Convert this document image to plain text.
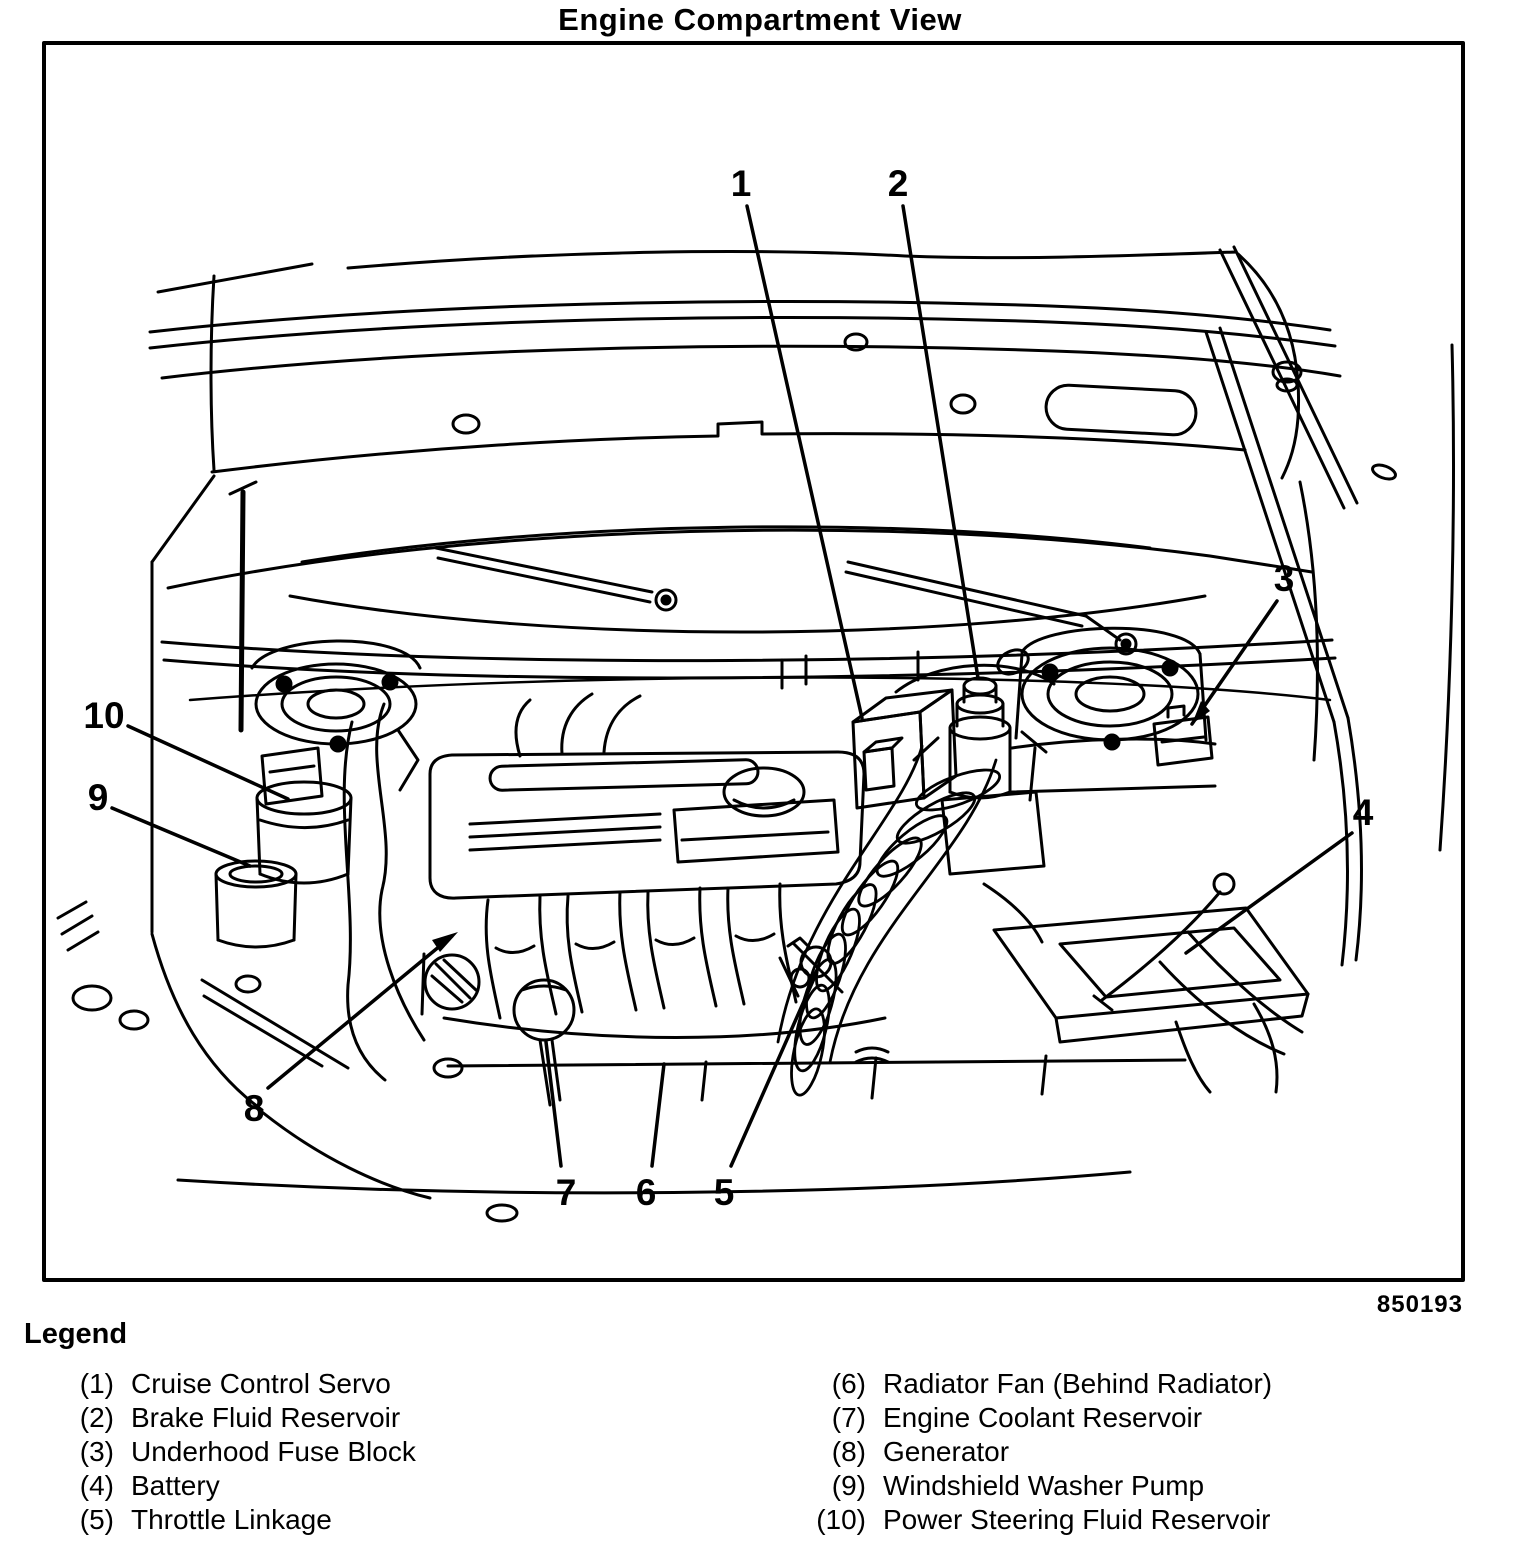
Engine Compartment View
1	2
3
4
5
6
7
8
9
10
850193
Legend
(1) Cruise Control Servo
(2) Brake Fluid Reservoir
(3) Underhood Fuse Block
(4) Battery
(5) Throttle Linkage
(6) Radiator Fan (Behind Radiator)
(7) Engine Coolant Reservoir
(8) Generator
(9) Windshield Washer Pump
(10) Power Steering Fluid Reservoir
